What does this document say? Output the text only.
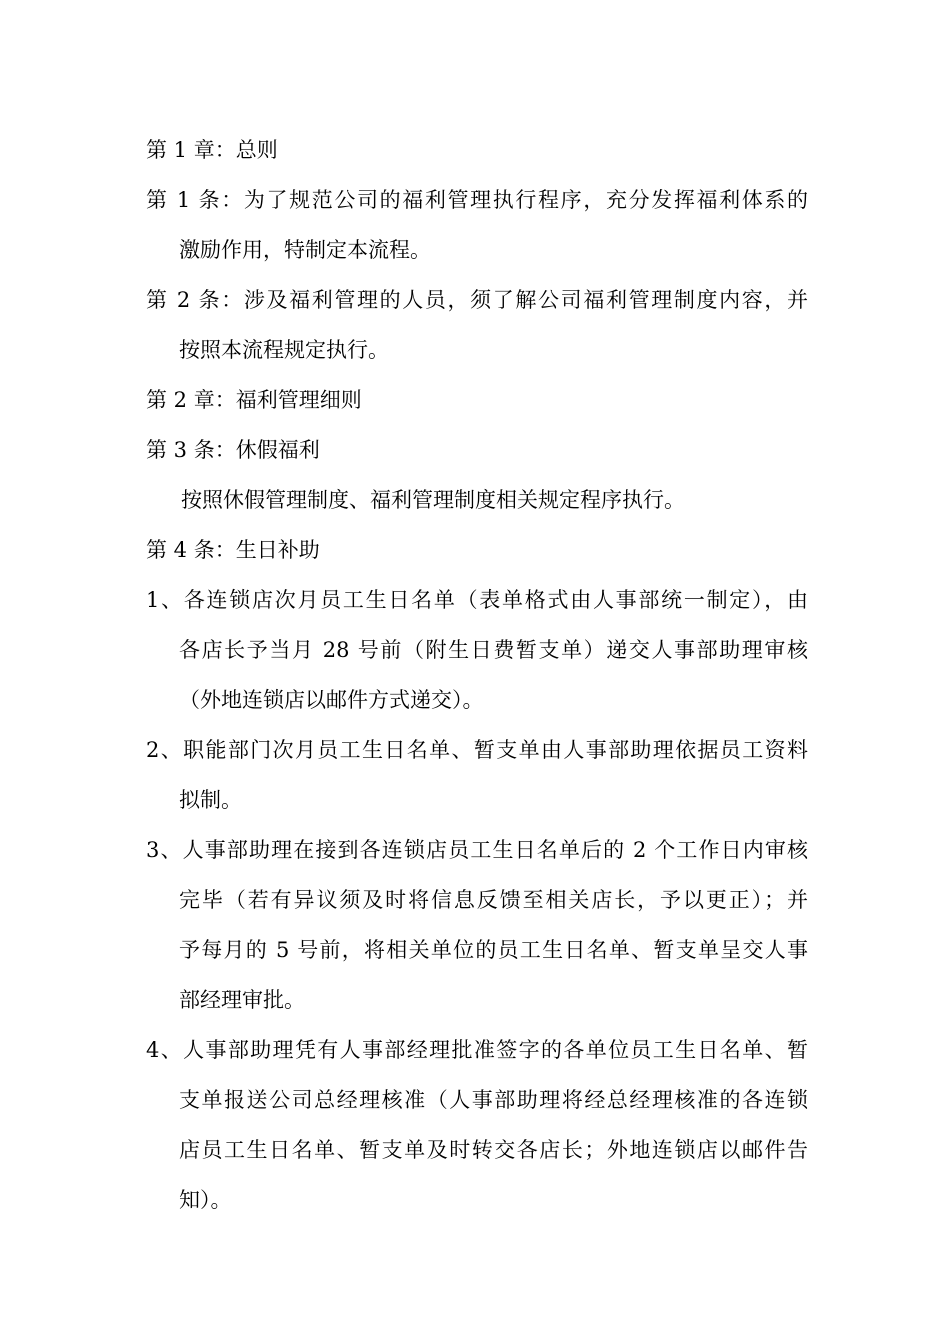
第 1 章：总则
第 1 条：为了规范公司的福利管理执行程序，充分发挥福利体系的
激励作用，特制定本流程。
第 2 条：涉及福利管理的人员，须了解公司福利管理制度内容，并
按照本流程规定执行。
第 2 章：福利管理细则
第 3 条：休假福利
按照休假管理制度、福利管理制度相关规定程序执行。
第 4 条：生日补助
1、各连锁店次月员工生日名单（表单格式由人事部统一制定），由
各店长予当月 28 号前（附生日费暂支单）递交人事部助理审核
（外地连锁店以邮件方式递交）。
2、职能部门次月员工生日名单、暂支单由人事部助理依据员工资料
拟制。
3、人事部助理在接到各连锁店员工生日名单后的 2 个工作日内审核
完毕（若有异议须及时将信息反馈至相关店长，予以更正）；并
予每月的 5 号前，将相关单位的员工生日名单、暂支单呈交人事
部经理审批。
4、人事部助理凭有人事部经理批准签字的各单位员工生日名单、暂
支单报送公司总经理核准（人事部助理将经总经理核准的各连锁
店员工生日名单、暂支单及时转交各店长；外地连锁店以邮件告
知）。
